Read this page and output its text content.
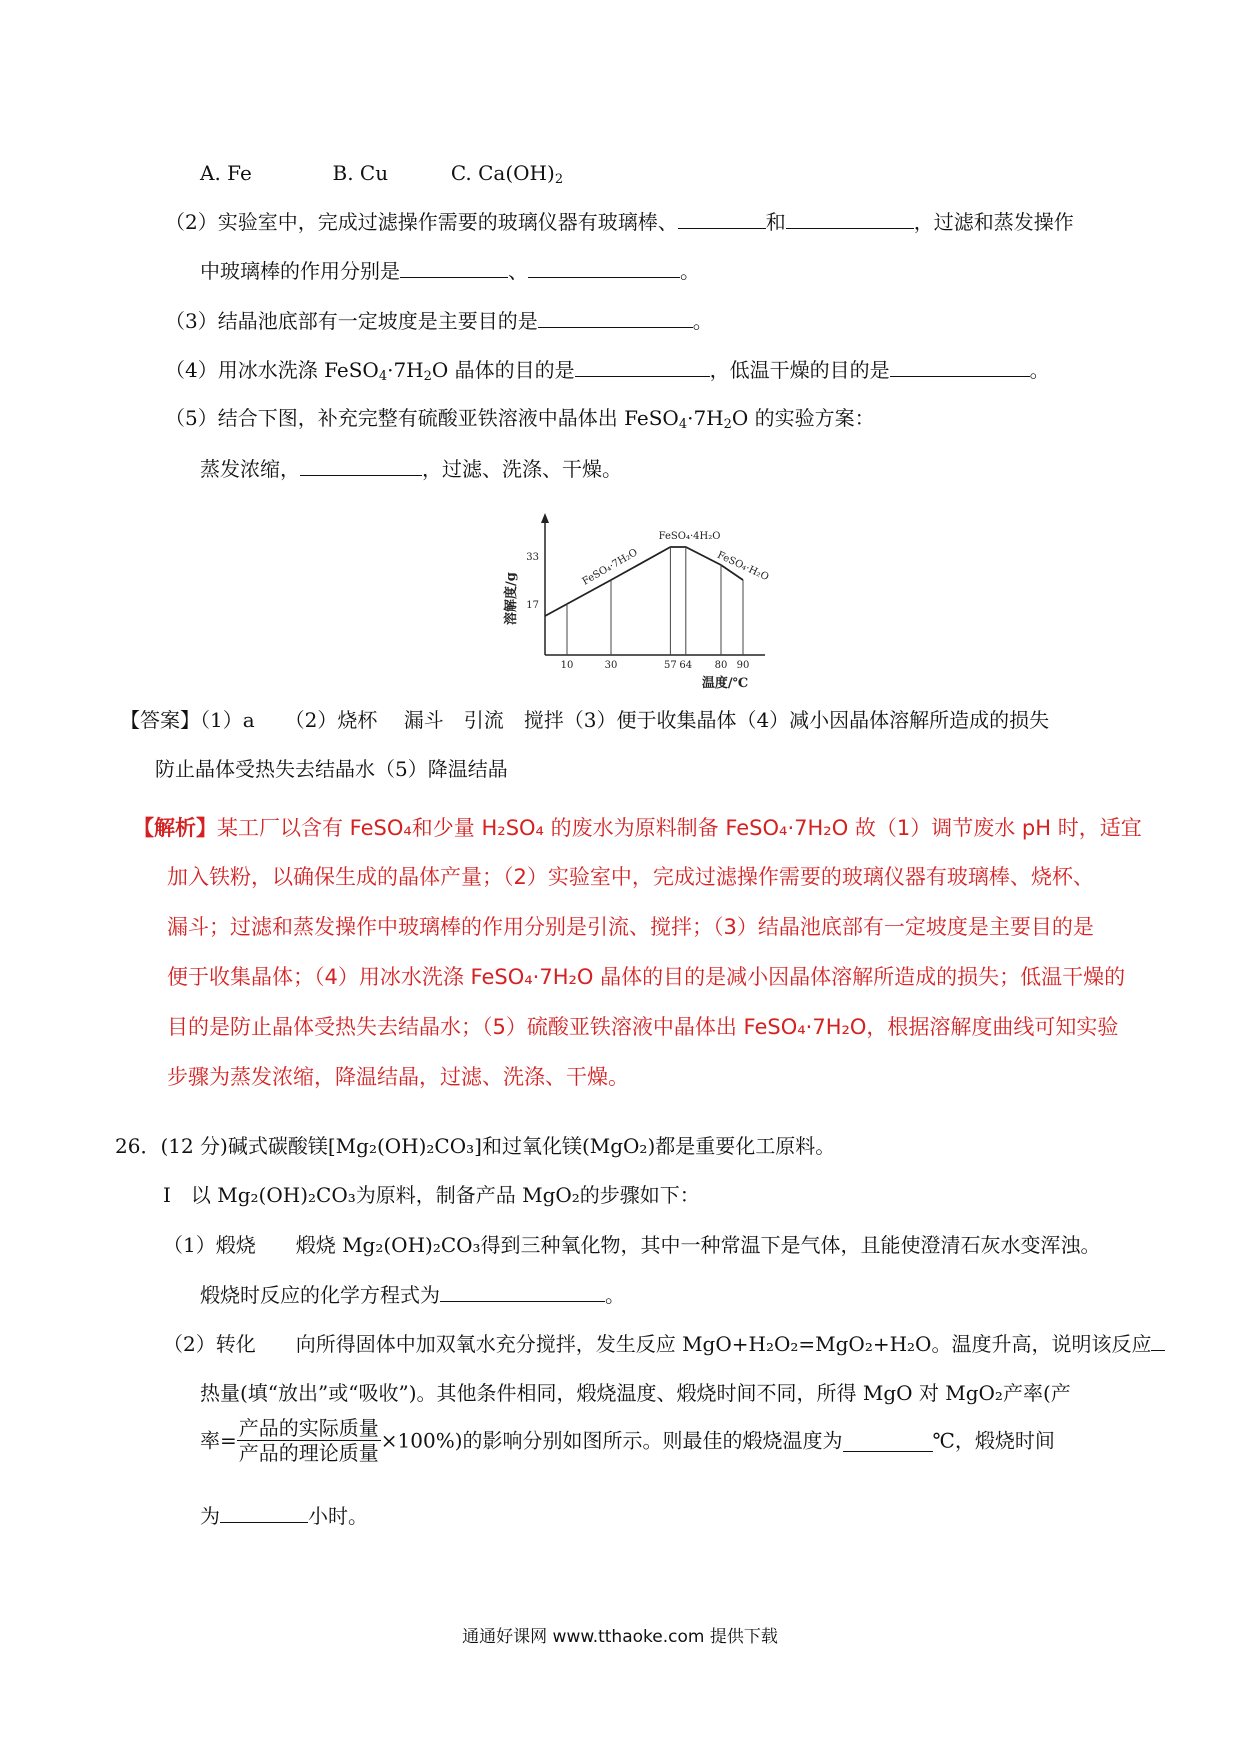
A. Fe	B. Cu	C. $Ca(OH)_2$
（2）实验室中，完成过滤操作需要的玻璃仪器有玻璃棒、	和	，过滤和蒸发操作
中玻璃棒的作用分别是	、	。
（3）结晶池底部有一定坡度是主要目的是	。
（4）用冰水洗涤 $FeSO_4\cdot 7H_2O$ 晶体的目的是	，低温干燥的目的是	。
（5）结合下图，补充完整有硫酸亚铁溶液中晶体出 $FeSO_4\cdot 7H_2O$ 的实验方案：
蒸发浓缩，	，过滤、洗涤、干燥。
10	30	57 64 80 90
17
33
温度/℃
溶解度/g
FeSO₄·7H₂O
FeSO₄·4H₂O
FeSO₄·H₂O
【答案】（1）a　　（2）烧杯　 漏斗　引流　搅拌（3）便于收集晶体（4）减小因晶体溶解所造成的损失
防止晶体受热失去结晶水（5）降温结晶
【解析】某工厂以含有 FeSO₄和少量 H₂SO₄ 的废水为原料制备 FeSO₄·7H₂O 故（1）调节废水 pH 时，适宜
加入铁粉，以确保生成的晶体产量；（2）实验室中，完成过滤操作需要的玻璃仪器有玻璃棒、烧杯、
漏斗；过滤和蒸发操作中玻璃棒的作用分别是引流、搅拌；（3）结晶池底部有一定坡度是主要目的是
便于收集晶体；（4）用冰水洗涤 FeSO₄·7H₂O 晶体的目的是减小因晶体溶解所造成的损失；低温干燥的
目的是防止晶体受热失去结晶水；（5）硫酸亚铁溶液中晶体出 FeSO₄·7H₂O，根据溶解度曲线可知实验
步骤为蒸发浓缩，降温结晶，过滤、洗涤、干燥。
26．(12 分)碱式碳酸镁[Mg₂(OH)₂CO₃]和过氧化镁(MgO₂)都是重要化工原料。
I　以 Mg₂(OH)₂CO₃为原料，制备产品 MgO₂的步骤如下：
（1）煅烧　　煅烧 Mg₂(OH)₂CO₃得到三种氧化物，其中一种常温下是气体，且能使澄清石灰水变浑浊。
煅烧时反应的化学方程式为	。
（2）转化　　向所得固体中加双氧水充分搅拌，发生反应 MgO+H₂O₂=MgO₂+H₂O。温度升高，说明该反应
热量(填“放出”或“吸收”)。其他条件相同，煅烧温度、煅烧时间不同，所得 MgO 对 MgO₂产率(产
率= $\frac{\text{产品的实际质量}}{\text{产品的理论质量}} \times 100\%$)的影响分别如图所示。则最佳的煅烧温度为	℃，煅烧时间
为	小时。
通通好课网 www.tthaoke.com 提供下载
